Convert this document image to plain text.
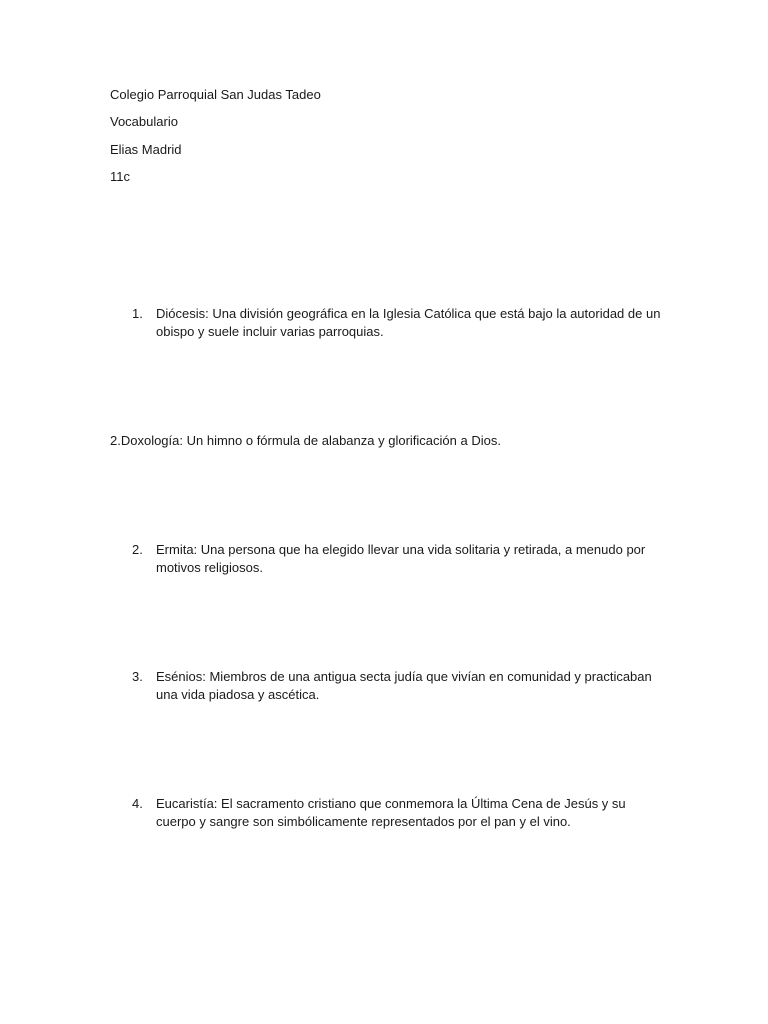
Colegio Parroquial San Judas Tadeo
Vocabulario
Elias Madrid
11c
1. Diócesis: Una división geográfica en la Iglesia Católica que está bajo la autoridad de un obispo y suele incluir varias parroquias.
2.Doxología: Un himno o fórmula de alabanza y glorificación a Dios.
2. Ermita: Una persona que ha elegido llevar una vida solitaria y retirada, a menudo por motivos religiosos.
3. Esénios: Miembros de una antigua secta judía que vivían en comunidad y practicaban una vida piadosa y ascética.
4. Eucaristía: El sacramento cristiano que conmemora la Última Cena de Jesús y su cuerpo y sangre son simbólicamente representados por el pan y el vino.
